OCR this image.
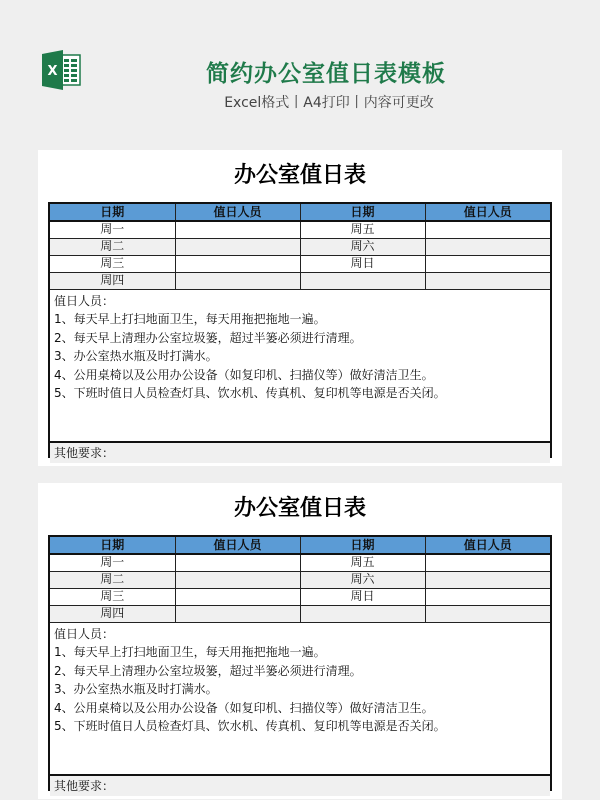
X	简约办公室值日表模板
Excel格式丨A4打印丨内容可更改
办公室值日表
日期	值日人员	日期	值日人员
周一		周五	
周二		周六	
周三		周日	
周四			
值日人员：
1、每天早上打扫地面卫生，每天用拖把拖地一遍。
2、每天早上清理办公室垃圾篓，超过半篓必须进行清理。
3、办公室热水瓶及时打满水。
4、公用桌椅以及公用办公设备（如复印机、扫描仪等）做好清洁卫生。
5、下班时值日人员检查灯具、饮水机、传真机、复印机等电源是否关闭。
其他要求：
办公室值日表
日期	值日人员	日期	值日人员
周一		周五	
周二		周六	
周三		周日	
周四			
值日人员：
1、每天早上打扫地面卫生，每天用拖把拖地一遍。
2、每天早上清理办公室垃圾篓，超过半篓必须进行清理。
3、办公室热水瓶及时打满水。
4、公用桌椅以及公用办公设备（如复印机、扫描仪等）做好清洁卫生。
5、下班时值日人员检查灯具、饮水机、传真机、复印机等电源是否关闭。
其他要求：
